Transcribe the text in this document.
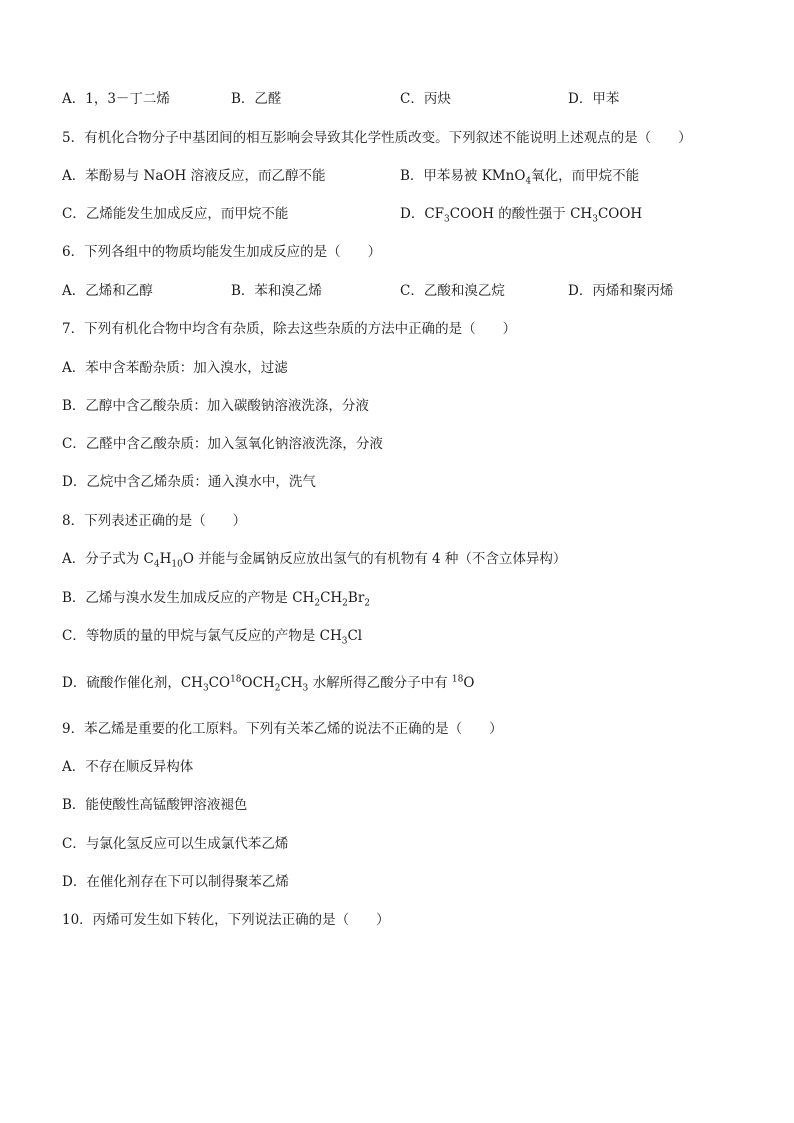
A．1，3－丁二烯	B．乙醛	C．丙炔	D．甲苯
5．有机化合物分子中基团间的相互影响会导致其化学性质改变。下列叙述不能说明上述观点的是（　　）
A．苯酚易与 NaOH 溶液反应，而乙醇不能	B．甲苯易被 KMnO$_4$氧化，而甲烷不能
C．乙烯能发生加成反应，而甲烷不能	D．$CF_3COOH$ 的酸性强于 $CH_3COOH$
6．下列各组中的物质均能发生加成反应的是（　　）
A．乙烯和乙醇	B．苯和溴乙烯	C．乙酸和溴乙烷	D．丙烯和聚丙烯
7．下列有机化合物中均含有杂质，除去这些杂质的方法中正确的是（　　）
A．苯中含苯酚杂质：加入溴水，过滤
B．乙醇中含乙酸杂质：加入碳酸钠溶液洗涤，分液
C．乙醛中含乙酸杂质：加入氢氧化钠溶液洗涤，分液
D．乙烷中含乙烯杂质：通入溴水中，洗气
8．下列表述正确的是（　　）
A．分子式为 $C_4H_{10}O$ 并能与金属钠反应放出氢气的有机物有 4 种（不含立体异构）
B．乙烯与溴水发生加成反应的产物是 $CH_2CH_2Br_2$
C．等物质的量的甲烷与氯气反应的产物是 $CH_3Cl$
D．硫酸作催化剂，$CH_3CO^{18}OCH_2CH_3$ 水解所得乙酸分子中有 $^{18}$O
9．苯乙烯是重要的化工原料。下列有关苯乙烯的说法不正确的是（　　）
A．不存在顺反异构体
B．能使酸性高锰酸钾溶液褪色
C．与氯化氢反应可以生成氯代苯乙烯
D．在催化剂存在下可以制得聚苯乙烯
10．丙烯可发生如下转化，下列说法正确的是（　　）
